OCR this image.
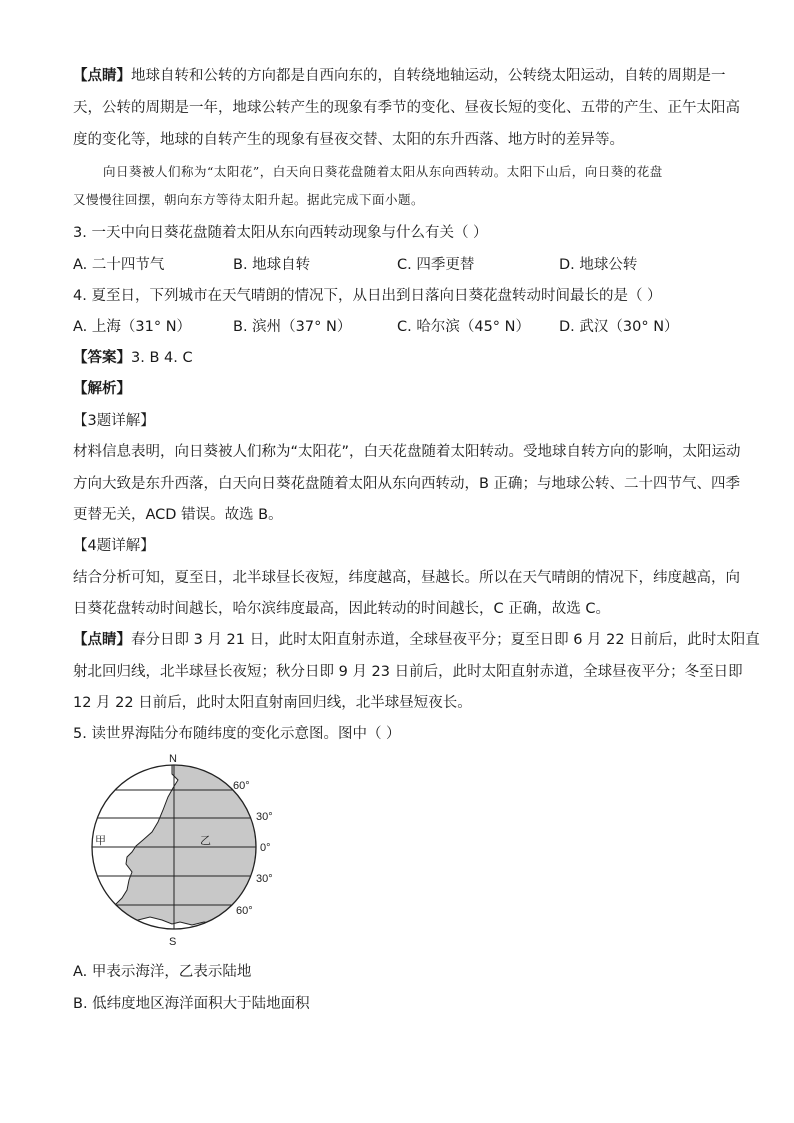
【点睛】地球自转和公转的方向都是自西向东的，自转绕地轴运动，公转绕太阳运动，自转的周期是一
天，公转的周期是一年，地球公转产生的现象有季节的变化、昼夜长短的变化、五带的产生、正午太阳高
度的变化等，地球的自转产生的现象有昼夜交替、太阳的东升西落、地方时的差异等。
向日葵被人们称为“太阳花”，白天向日葵花盘随着太阳从东向西转动。太阳下山后，向日葵的花盘
又慢慢往回摆，朝向东方等待太阳升起。据此完成下面小题。
3. 一天中向日葵花盘随着太阳从东向西转动现象与什么有关（ ）
A. 二十四节气	B. 地球自转	C. 四季更替	D. 地球公转
4. 夏至日，下列城市在天气晴朗的情况下，从日出到日落向日葵花盘转动时间最长的是（ ）
A. 上海（31° N）	B. 滨州（37° N）	C. 哈尔滨（45° N） D. 武汉（30° N）
【答案】3. B 4. C
【解析】
【3题详解】
材料信息表明，向日葵被人们称为“太阳花”，白天花盘随着太阳转动。受地球自转方向的影响，太阳运动
方向大致是东升西落，白天向日葵花盘随着太阳从东向西转动，B 正确；与地球公转、二十四节气、四季
更替无关，ACD 错误。故选 B。
【4题详解】
结合分析可知，夏至日，北半球昼长夜短，纬度越高，昼越长。所以在天气晴朗的情况下，纬度越高，向
日葵花盘转动时间越长，哈尔滨纬度最高，因此转动的时间越长，C 正确，故选 C。
【点睛】春分日即 3 月 21 日，此时太阳直射赤道，全球昼夜平分；夏至日即 6 月 22 日前后，此时太阳直
射北回归线，北半球昼长夜短；秋分日即 9 月 23 日前后，此时太阳直射赤道，全球昼夜平分；冬至日即
12 月 22 日前后，此时太阳直射南回归线，北半球昼短夜长。
5. 读世界海陆分布随纬度的变化示意图。图中（ ）
N
S
60°
30°
0°
30°
60°
甲	乙
A. 甲表示海洋，乙表示陆地
B. 低纬度地区海洋面积大于陆地面积
